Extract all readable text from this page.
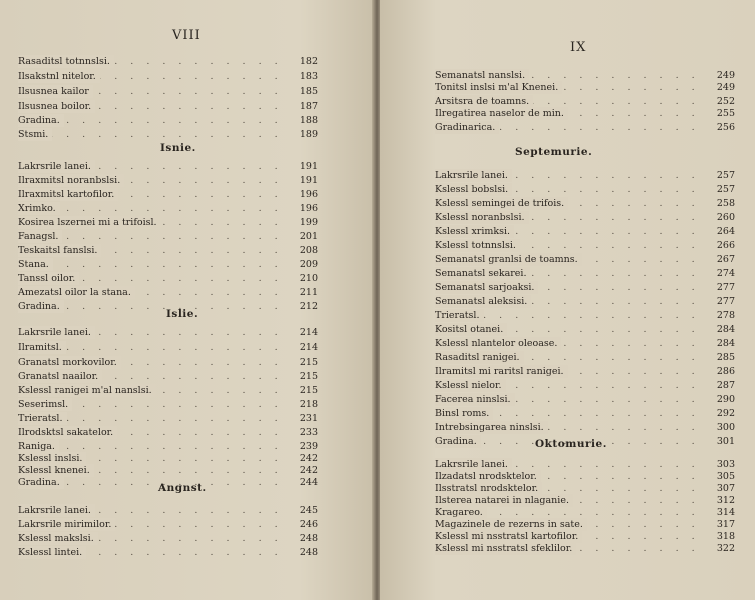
VIII
. . .
Rasaditsl totnnslsi.	182
. . .
Ilsakstnl nitelor.	183
. . .
Ilsusnea kailor	185
. . .
Ilsusnea boilor.	187
. . .
Gradina.	188
. . .
Stsmi.	189
. . .
Lakrsrile lanei.	191
. . .
Ilraxmitsl noranbslsi.	191
. . .
Ilraxmitsl kartofilor.	196
. . .
Xrimko.	196
. . .
Kosirea lszernei mi a trifoisl.	199
. . .
Fanagsl.	201
. . .
Teskaitsl fanslsi.	208
. . .
Stana.	209
. . .
Tanssl oilor.	210
. . .
Amezatsl oilor la stana.	211
. . .
Gradina.	212
. . .
Lakrsrile lanei.	214
. . .
Ilramitsl.	214
. . .
Granatsl morkovilor.	215
. . .
Granatsl naailor.	215
. . .
Kslessl ranigei m'al nanslsi.	215
. . .
Seserimsl.	218
. . .
Trieratsl.	231
. . .
Ilrodsktsl sakatelor.	233
. . .
Raniga.	239
. . .
Kslessl inslsi.	242
. . .
Kslessl knenei.	242
. . .
Gradina.	244
. . .
Lakrsrile lanei.	245
. . .
Lakrsrile mirimilor.	246
. . .
Kslessl makslsi.	248
. . .
Kslessl lintei.	248
Isnie.
Islie.
Angnst.
IX
. . .
Semanatsl nanslsi.	249
. . .
Tonitsl inslsi m'al Knenei.	249
. . .
Arsitsra de toamns.	252
. . .
Ilregatirea naselor de min.	255
. . .
Gradinarica.	256
. . .
Lakrsrile lanei.	257
. . .
Kslessl bobslsi.	257
. . .
Kslessl semingei de trifois.	258
. . .
Kslessl noranbslsi.	260
. . .
Kslessl xrimksi.	264
. . .
Kslessl totnnslsi.	266
. . .
Semanatsl granlsi de toamns.	267
. . .
Semanatsl sekarei.	274
. . .
Semanatsl sarjoaksi.	277
. . .
Semanatsl aleksisi.	277
. . .
Trieratsl.	278
. . .
Kositsl otanei.	284
. . .
Kslessl nlantelor oleoase.	284
. . .
Rasaditsl ranigei.	285
. . .
Ilramitsl mi raritsl ranigei.	286
. . .
Kslessl nielor.	287
. . .
Facerea ninslsi.	290
. . .
Binsl roms.	292
. . .
Intrebsingarea ninslsi.	300
. . .
Gradina.	301
. . .
Lakrsrile lanei.	303
. . .
Ilzadatsl nrodsktelor.	305
. . .
Ilsstratsl nrodsktelor.	307
. . .
Ilsterea natarei in nlaganie.	312
. . .
Kragareo.	314
. . .
Magazinele de rezerns in sate.	317
. . .
Kslessl mi nsstratsl kartofilor.	318
. . .
Kslessl mi nsstratsl sfeklilor.	322
Septemurie.
Oktomurie.
